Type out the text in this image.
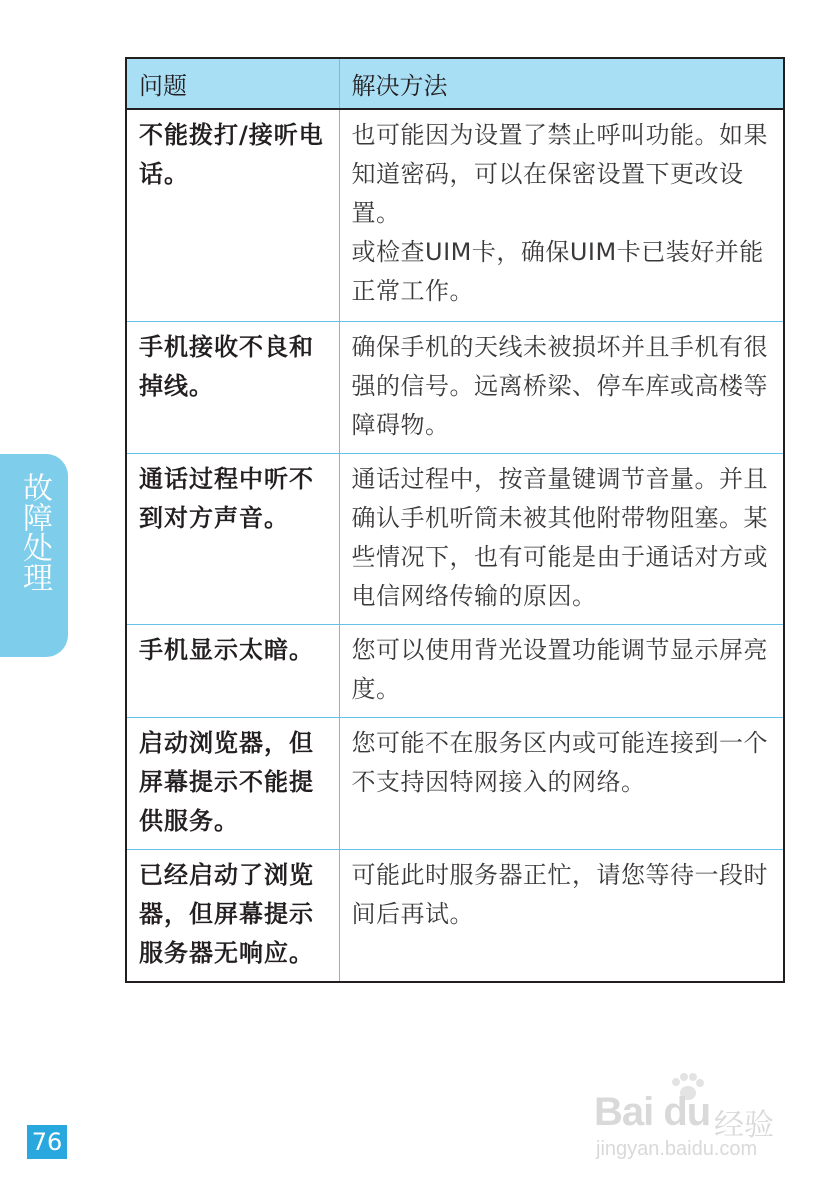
故障处理
问题	解决方法
不能拨打/接听电话。	也可能因为设置了禁止呼叫功能。如果知道密码，可以在保密设置下更改设置。
或检查UIM卡，确保UIM卡已装好并能正常工作。

手机接收不良和掉线。	确保手机的天线未被损坏并且手机有很强的信号。远离桥梁、停车库或高楼等障碍物。

通话过程中听不到对方声音。	通话过程中，按音量键调节音量。并且确认手机听筒未被其他附带物阻塞。某些情况下，也有可能是由于通话对方或电信网络传输的原因。

手机显示太暗。	您可以使用背光设置功能调节显示屏亮度。

启动浏览器，但屏幕提示不能提供服务。	您可能不在服务区内或可能连接到一个不支持因特网接入的网络。

已经启动了浏览器，但屏幕提示服务器无响应。	可能此时服务器正忙，请您等待一段时间后再试。
76
Bai du 经验
jingyan.baidu.com
